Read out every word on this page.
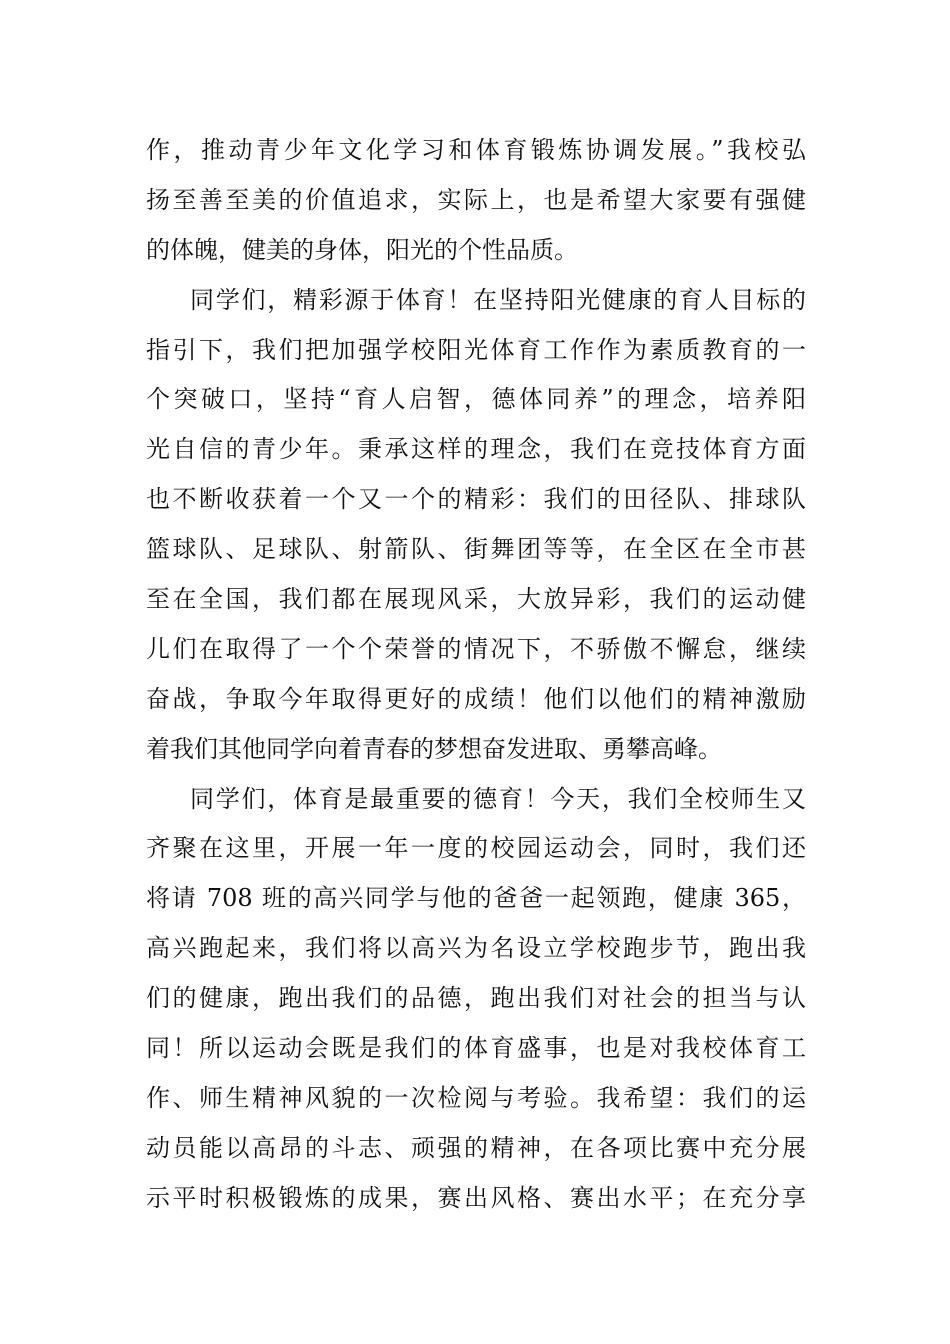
作，推动青少年文化学习和体育锻炼协调发展。”我校弘
扬至善至美的价值追求，实际上，也是希望大家要有强健
的体魄，健美的身体，阳光的个性品质。
同学们，精彩源于体育！在坚持阳光健康的育人目标的
指引下，我们把加强学校阳光体育工作作为素质教育的一
个突破口，坚持“育人启智，德体同养”的理念，培养阳
光自信的青少年。秉承这样的理念，我们在竞技体育方面
也不断收获着一个又一个的精彩：我们的田径队、排球队
篮球队、足球队、射箭队、街舞团等等，在全区在全市甚
至在全国，我们都在展现风采，大放异彩，我们的运动健
儿们在取得了一个个荣誉的情况下，不骄傲不懈怠，继续
奋战，争取今年取得更好的成绩！他们以他们的精神激励
着我们其他同学向着青春的梦想奋发进取、勇攀高峰。
同学们，体育是最重要的德育！今天，我们全校师生又
齐聚在这里，开展一年一度的校园运动会，同时，我们还
将请 708 班的高兴同学与他的爸爸一起领跑，健康 365，
高兴跑起来，我们将以高兴为名设立学校跑步节，跑出我
们的健康，跑出我们的品德，跑出我们对社会的担当与认
同！所以运动会既是我们的体育盛事，也是对我校体育工
作、师生精神风貌的一次检阅与考验。我希望：我们的运
动员能以高昂的斗志、顽强的精神，在各项比赛中充分展
示平时积极锻炼的成果，赛出风格、赛出水平；在充分享
